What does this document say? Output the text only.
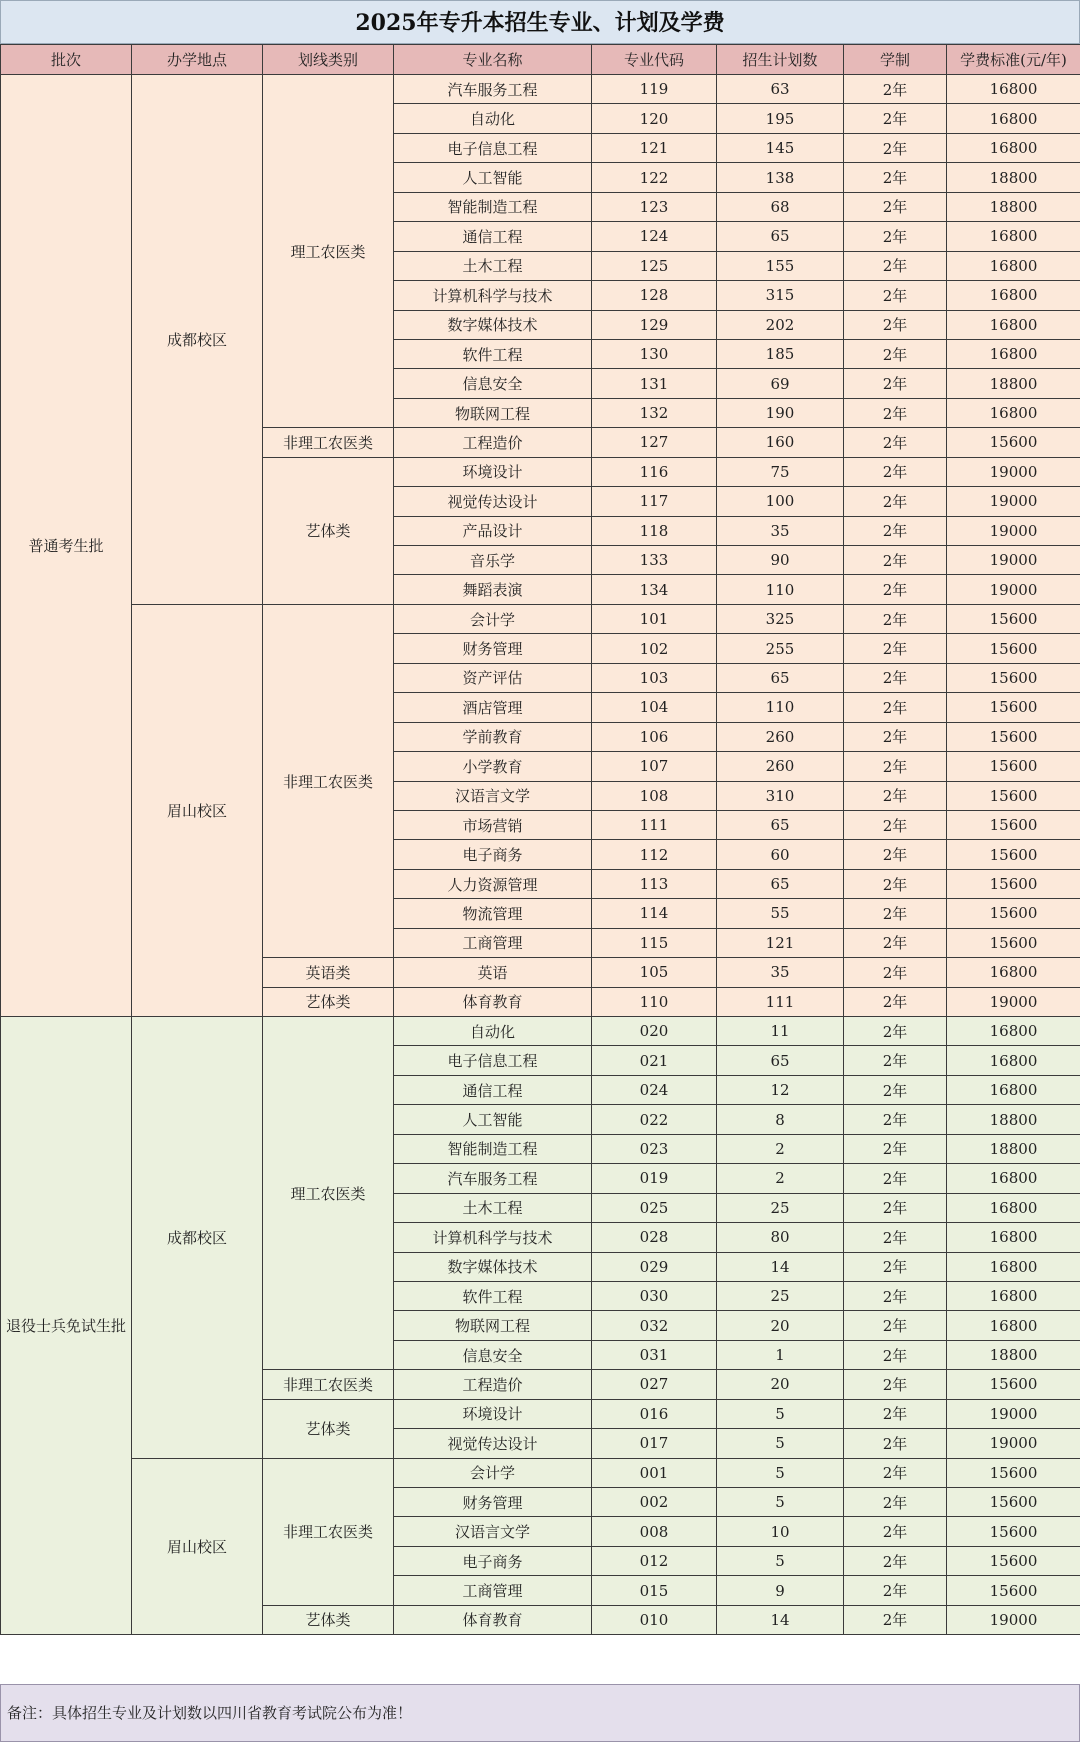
2025年专升本招生专业、计划及学费
批次	办学地点	划线类别	专业名称	专业代码	招生计划数	学制	学费标准(元/年)
普通考生批	成都校区	理工农医类	汽车服务工程	119	63	2年	16800
			自动化	120	195	2年	16800
			电子信息工程	121	145	2年	16800
			人工智能	122	138	2年	18800
			智能制造工程	123	68	2年	18800
			通信工程	124	65	2年	16800
			土木工程	125	155	2年	16800
			计算机科学与技术	128	315	2年	16800
			数字媒体技术	129	202	2年	16800
			软件工程	130	185	2年	16800
			信息安全	131	69	2年	18800
			物联网工程	132	190	2年	16800
		非理工农医类	工程造价	127	160	2年	15600
		艺体类	环境设计	116	75	2年	19000
			视觉传达设计	117	100	2年	19000
			产品设计	118	35	2年	19000
			音乐学	133	90	2年	19000
			舞蹈表演	134	110	2年	19000
	眉山校区	非理工农医类	会计学	101	325	2年	15600
			财务管理	102	255	2年	15600
			资产评估	103	65	2年	15600
			酒店管理	104	110	2年	15600
			学前教育	106	260	2年	15600
			小学教育	107	260	2年	15600
			汉语言文学	108	310	2年	15600
			市场营销	111	65	2年	15600
			电子商务	112	60	2年	15600
			人力资源管理	113	65	2年	15600
			物流管理	114	55	2年	15600
			工商管理	115	121	2年	15600
		英语类	英语	105	35	2年	16800
		艺体类	体育教育	110	111	2年	19000
退役士兵免试生批	成都校区	理工农医类	自动化	020	11	2年	16800
			电子信息工程	021	65	2年	16800
			通信工程	024	12	2年	16800
			人工智能	022	8	2年	18800
			智能制造工程	023	2	2年	18800
			汽车服务工程	019	2	2年	16800
			土木工程	025	25	2年	16800
			计算机科学与技术	028	80	2年	16800
			数字媒体技术	029	14	2年	16800
			软件工程	030	25	2年	16800
			物联网工程	032	20	2年	16800
			信息安全	031	1	2年	18800
		非理工农医类	工程造价	027	20	2年	15600
		艺体类	环境设计	016	5	2年	19000
			视觉传达设计	017	5	2年	19000
	眉山校区	非理工农医类	会计学	001	5	2年	15600
			财务管理	002	5	2年	15600
			汉语言文学	008	10	2年	15600
			电子商务	012	5	2年	15600
			工商管理	015	9	2年	15600
		艺体类	体育教育	010	14	2年	19000
备注：具体招生专业及计划数以四川省教育考试院公布为准！
